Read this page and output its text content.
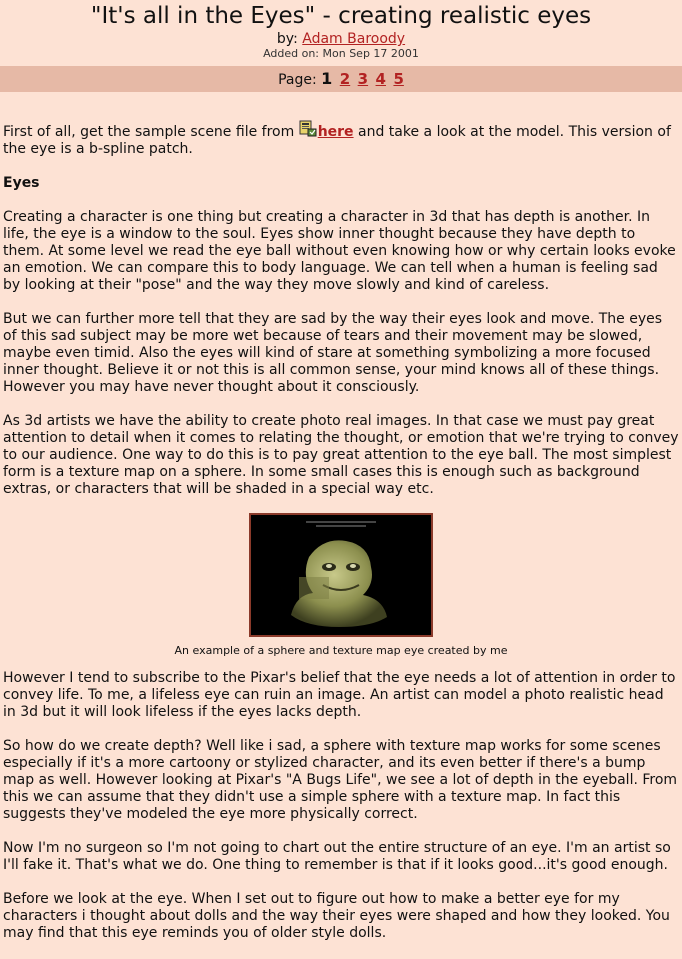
"It's all in the Eyes" - creating realistic eyes
by: Adam Baroody
Added on: Mon Sep 17 2001
Page: 1 2 3 4 5

First of all, get the sample scene file from here and take a look at the model. This version of the eye is a b-spline patch.

Eyes

Creating a character is one thing but creating a character in 3d that has depth is another. In life, the eye is a window to the soul. Eyes show inner thought because they have depth to them. At some level we read the eye ball without even knowing how or why certain looks evoke an emotion. We can compare this to body language. We can tell when a human is feeling sad by looking at their "pose" and the way they move slowly and kind of careless.

But we can further more tell that they are sad by the way their eyes look and move. The eyes of this sad subject may be more wet because of tears and their movement may be slowed, maybe even timid. Also the eyes will kind of stare at something symbolizing a more focused inner thought. Believe it or not this is all common sense, your mind knows all of these things. However you may have never thought about it consciously.

As 3d artists we have the ability to create photo real images. In that case we must pay great attention to detail when it comes to relating the thought, or emotion that we're trying to convey to our audience. One way to do this is to pay great attention to the eye ball. The most simplest form is a texture map on a sphere. In some small cases this is enough such as background extras, or characters that will be shaded in a special way etc.

An example of a sphere and texture map eye created by me

However I tend to subscribe to the Pixar's belief that the eye needs a lot of attention in order to convey life. To me, a lifeless eye can ruin an image. An artist can model a photo realistic head in 3d but it will look lifeless if the eyes lacks depth.

So how do we create depth? Well like i sad, a sphere with texture map works for some scenes especially if it's a more cartoony or stylized character, and its even better if there's a bump map as well. However looking at Pixar's "A Bugs Life", we see a lot of depth in the eyeball. From this we can assume that they didn't use a simple sphere with a texture map. In fact this suggests they've modeled the eye more physically correct.

Now I'm no surgeon so I'm not going to chart out the entire structure of an eye. I'm an artist so I'll fake it. That's what we do. One thing to remember is that if it looks good...it's good enough.

Before we look at the eye. When I set out to figure out how to make a better eye for my characters i thought about dolls and the way their eyes were shaped and how they looked. You may find that this eye reminds you of older style dolls.
